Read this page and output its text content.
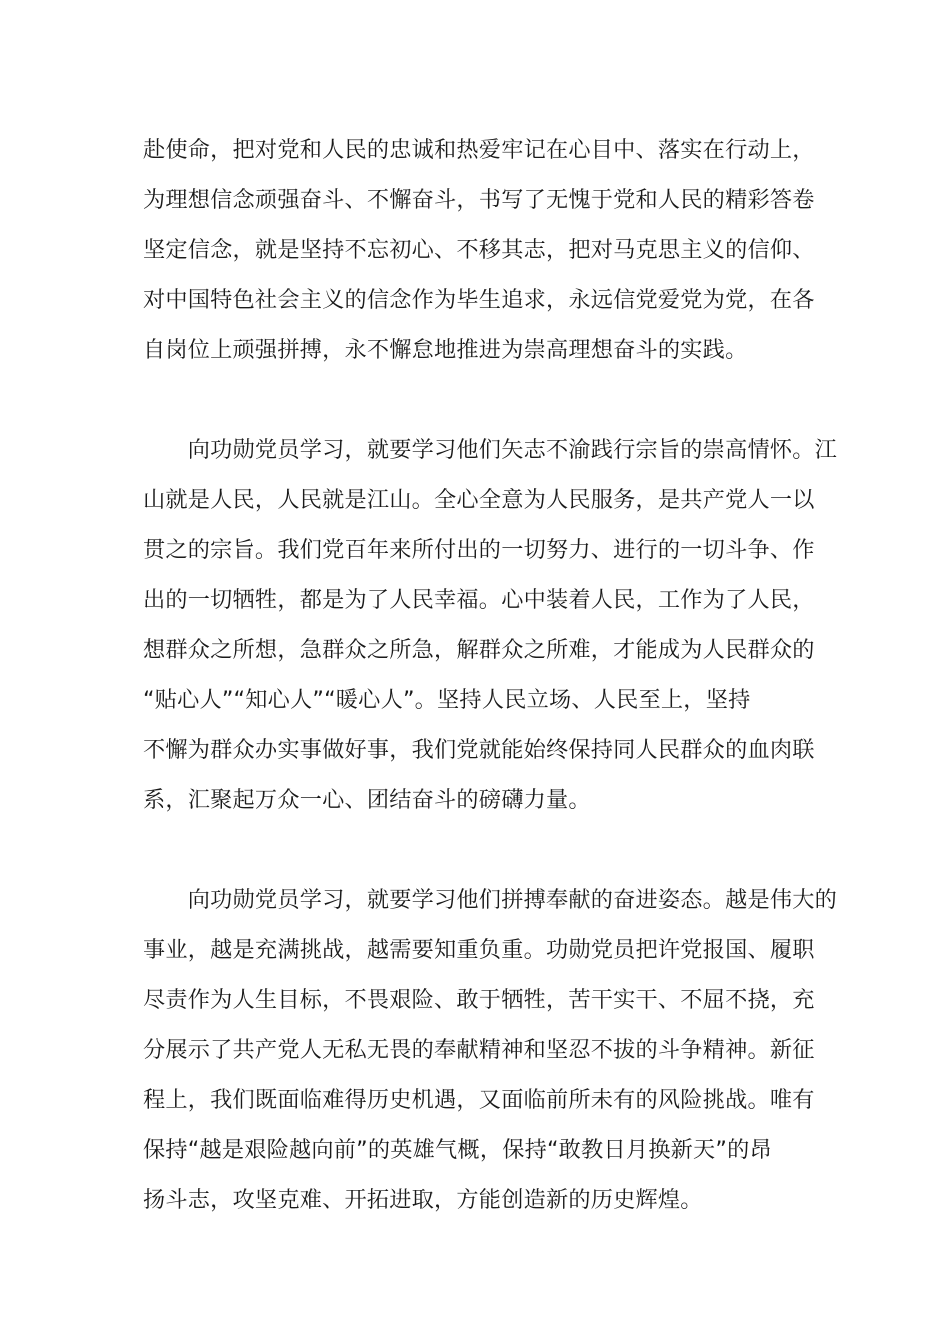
赴使命，把对党和人民的忠诚和热爱牢记在心目中、落实在行动上，
为理想信念顽强奋斗、不懈奋斗，书写了无愧于党和人民的精彩答卷
坚定信念，就是坚持不忘初心、不移其志，把对马克思主义的信仰、
对中国特色社会主义的信念作为毕生追求，永远信党爱党为党，在各
自岗位上顽强拼搏，永不懈怠地推进为崇高理想奋斗的实践。
　　向功勋党员学习，就要学习他们矢志不渝践行宗旨的崇高情怀。江
山就是人民，人民就是江山。全心全意为人民服务，是共产党人一以
贯之的宗旨。我们党百年来所付出的一切努力、进行的一切斗争、作
出的一切牺牲，都是为了人民幸福。心中装着人民，工作为了人民，
想群众之所想，急群众之所急，解群众之所难，才能成为人民群众的
“贴心人”“知心人”“暖心人”。坚持人民立场、人民至上，坚持
不懈为群众办实事做好事，我们党就能始终保持同人民群众的血肉联
系，汇聚起万众一心、团结奋斗的磅礴力量。
　　向功勋党员学习，就要学习他们拼搏奉献的奋进姿态。越是伟大的
事业，越是充满挑战，越需要知重负重。功勋党员把许党报国、履职
尽责作为人生目标，不畏艰险、敢于牺牲，苦干实干、不屈不挠，充
分展示了共产党人无私无畏的奉献精神和坚忍不拔的斗争精神。新征
程上，我们既面临难得历史机遇，又面临前所未有的风险挑战。唯有
保持“越是艰险越向前”的英雄气概，保持“敢教日月换新天”的昂
扬斗志，攻坚克难、开拓进取，方能创造新的历史辉煌。
